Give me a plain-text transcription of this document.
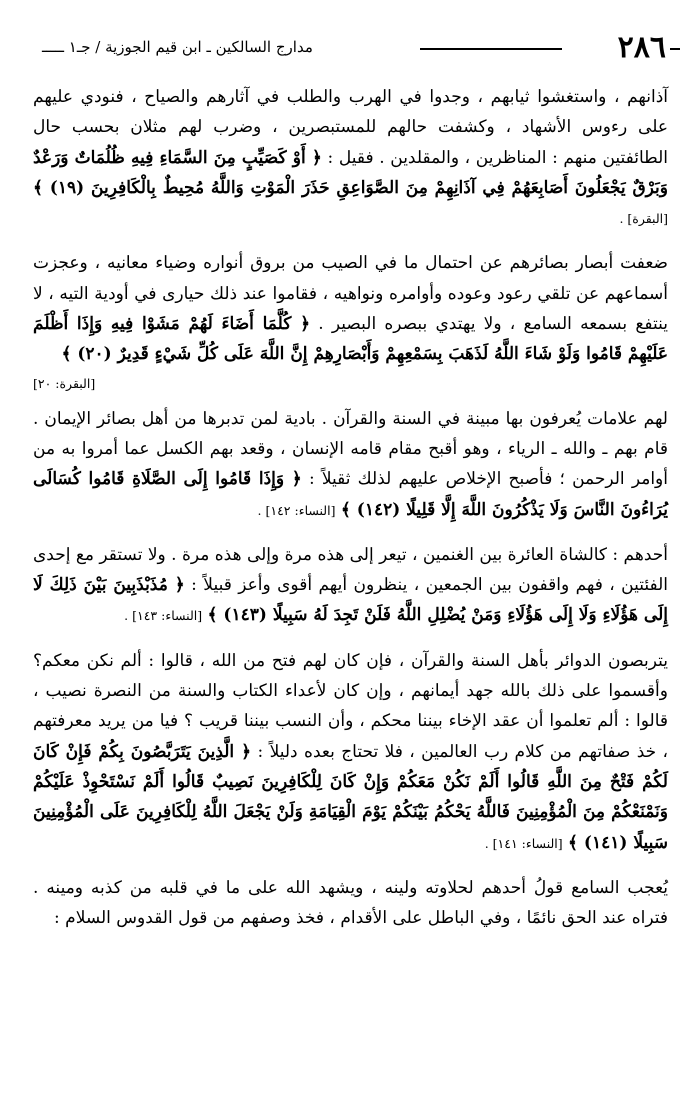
٢٨٦
مدارج السالكين ـ ابن قيم الجوزية / جـ١ ـــــ

آذانهم ، واستغشوا ثيابهم ، وجدوا في الهرب والطلب في آثارهم والصياح ، فنودي عليهم على رءوس الأشهاد ، وكشفت حالهم للمستبصرين ، وضرب لهم مثلان بحسب حال الطائفتين منهم : المناظرين ، والمقلدين . فقيل : ﴿ أَوْ كَصَيِّبٍ مِنَ السَّمَاءِ فِيهِ ظُلُمَاتٌ وَرَعْدٌ وَبَرْقٌ يَجْعَلُونَ أَصَابِعَهُمْ فِي آذَانِهِمْ مِنَ الصَّوَاعِقِ حَذَرَ الْمَوْتِ وَاللَّهُ مُحِيطٌ بِالْكَافِرِينَ (١٩) ﴾ [البقرة] .

ضعفت أبصار بصائرهم عن احتمال ما في الصيب من بروق أنواره وضياء معانيه ، وعجزت أسماعهم عن تلقي رعود وعوده وأوامره ونواهيه ، فقاموا عند ذلك حيارى في أودية التيه ، لا ينتفع بسمعه السامع ، ولا يهتدي ببصره البصير . ﴿ كُلَّمَا أَضَاءَ لَهُمْ مَشَوْا فِيهِ وَإِذَا أَظْلَمَ عَلَيْهِمْ قَامُوا وَلَوْ شَاءَ اللَّهُ لَذَهَبَ بِسَمْعِهِمْ وَأَبْصَارِهِمْ إِنَّ اللَّهَ عَلَى كُلِّ شَيْءٍ قَدِيرٌ (٢٠) ﴾

[البقرة: ٢٠]

لهم علامات يُعرفون بها مبينة في السنة والقرآن . بادية لمن تدبرها من أهل بصائر الإيمان . قام بهم ـ والله ـ الرياء ، وهو أقبح مقام قامه الإنسان ، وقعد بهم الكسل عما أمروا به من أوامر الرحمن ؛ فأصبح الإخلاص عليهم لذلك ثقيلاً : ﴿ وَإِذَا قَامُوا إِلَى الصَّلَاةِ قَامُوا كُسَالَى يُرَاءُونَ النَّاسَ وَلَا يَذْكُرُونَ اللَّهَ إِلَّا قَلِيلًا (١٤٢) ﴾ [النساء: ١٤٢] .

أحدهم : كالشاة العائرة بين الغنمين ، تيعر إلى هذه مرة وإلى هذه مرة . ولا تستقر مع إحدى الفئتين ، فهم واقفون بين الجمعين ، ينظرون أيهم أقوى وأعز قبيلاً : ﴿ مُذَبْذَبِينَ بَيْنَ ذَلِكَ لَا إِلَى هَؤُلَاءِ وَلَا إِلَى هَؤُلَاءِ وَمَنْ يُضْلِلِ اللَّهُ فَلَنْ تَجِدَ لَهُ سَبِيلًا (١٤٣) ﴾ [النساء: ١٤٣] .

يتربصون الدوائر بأهل السنة والقرآن ، فإن كان لهم فتح من الله ، قالوا : ألم نكن معكم؟ وأقسموا على ذلك بالله جهد أيمانهم ، وإن كان لأعداء الكتاب والسنة من النصرة نصيب ، قالوا : ألم تعلموا أن عقد الإخاء بيننا محكم ، وأن النسب بيننا قريب ؟ فيا من يريد معرفتهم ، خذ صفاتهم من كلام رب العالمين ، فلا تحتاج بعده دليلاً : ﴿ الَّذِينَ يَتَرَبَّصُونَ بِكُمْ فَإِنْ كَانَ لَكُمْ فَتْحٌ مِنَ اللَّهِ قَالُوا أَلَمْ نَكُنْ مَعَكُمْ وَإِنْ كَانَ لِلْكَافِرِينَ نَصِيبٌ قَالُوا أَلَمْ نَسْتَحْوِذْ عَلَيْكُمْ وَنَمْنَعْكُمْ مِنَ الْمُؤْمِنِينَ فَاللَّهُ يَحْكُمُ بَيْنَكُمْ يَوْمَ الْقِيَامَةِ وَلَنْ يَجْعَلَ اللَّهُ لِلْكَافِرِينَ عَلَى الْمُؤْمِنِينَ سَبِيلًا (١٤١) ﴾ [النساء: ١٤١] .

يُعجب السامع قولُ أحدهم لحلاوته ولينه ، ويشهد الله على ما في قلبه من كذبه ومينه . فتراه عند الحق نائمًا ، وفي الباطل على الأقدام ، فخذ وصفهم من قول القدوس السلام :
